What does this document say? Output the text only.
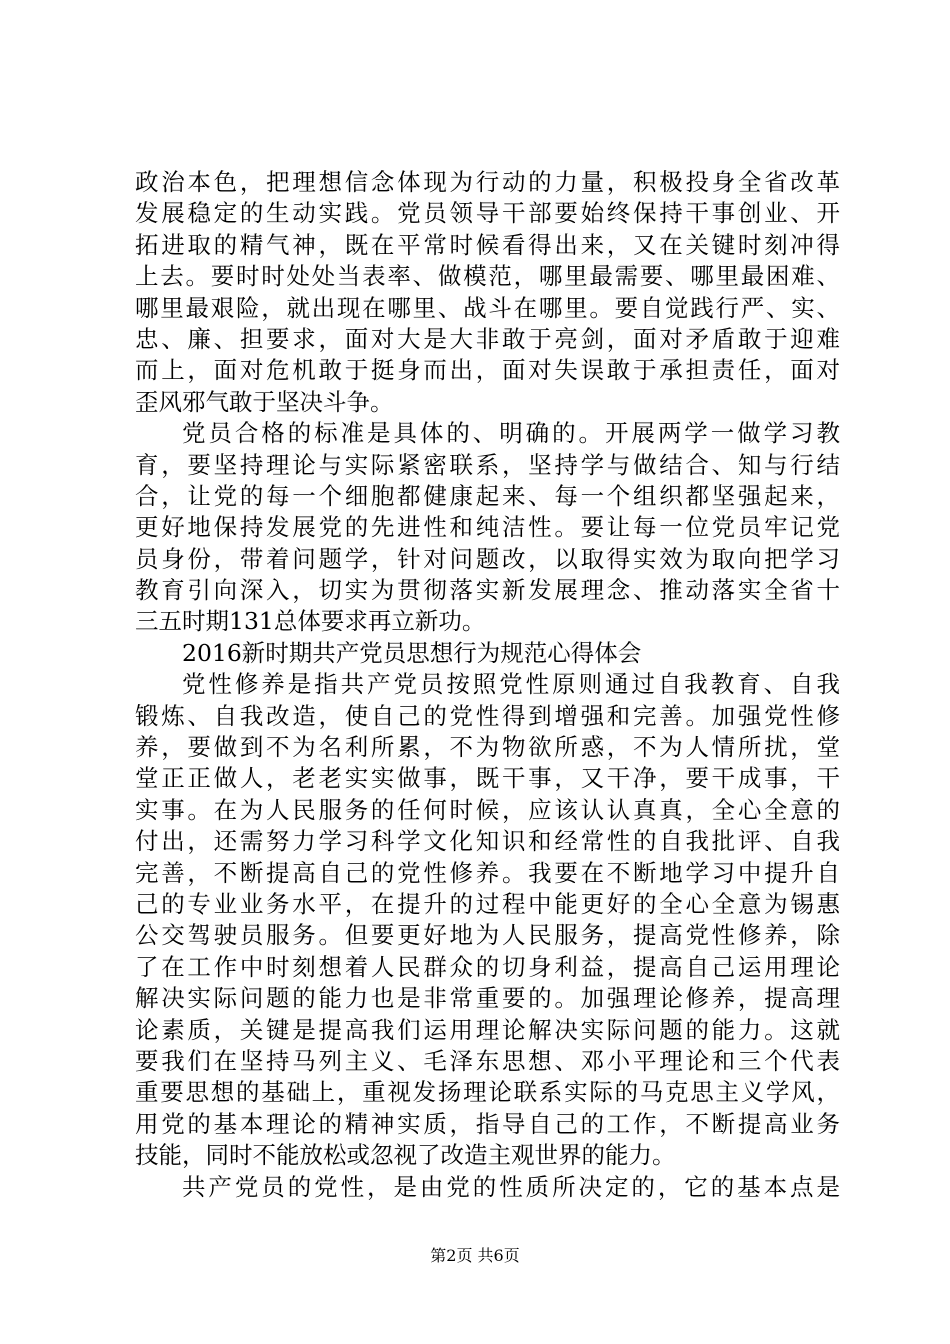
政治本色，把理想信念体现为行动的力量，积极投身全省改革
发展稳定的生动实践。党员领导干部要始终保持干事创业、开
拓进取的精气神，既在平常时候看得出来，又在关键时刻冲得
上去。要时时处处当表率、做模范，哪里最需要、哪里最困难、
哪里最艰险，就出现在哪里、战斗在哪里。要自觉践行严、实、
忠、廉、担要求，面对大是大非敢于亮剑，面对矛盾敢于迎难
而上，面对危机敢于挺身而出，面对失误敢于承担责任，面对
歪风邪气敢于坚决斗争。
党员合格的标准是具体的、明确的。开展两学一做学习教
育，要坚持理论与实际紧密联系，坚持学与做结合、知与行结
合，让党的每一个细胞都健康起来、每一个组织都坚强起来，
更好地保持发展党的先进性和纯洁性。要让每一位党员牢记党
员身份，带着问题学，针对问题改，以取得实效为取向把学习
教育引向深入，切实为贯彻落实新发展理念、推动落实全省十
三五时期131总体要求再立新功。
2016新时期共产党员思想行为规范心得体会
党性修养是指共产党员按照党性原则通过自我教育、自我
锻炼、自我改造，使自己的党性得到增强和完善。加强党性修
养，要做到不为名利所累，不为物欲所惑，不为人情所扰，堂
堂正正做人，老老实实做事，既干事，又干净，要干成事，干
实事。在为人民服务的任何时候，应该认认真真，全心全意的
付出，还需努力学习科学文化知识和经常性的自我批评、自我
完善，不断提高自己的党性修养。我要在不断地学习中提升自
己的专业业务水平，在提升的过程中能更好的全心全意为锡惠
公交驾驶员服务。但要更好地为人民服务，提高党性修养，除
了在工作中时刻想着人民群众的切身利益，提高自己运用理论
解决实际问题的能力也是非常重要的。加强理论修养，提高理
论素质，关键是提高我们运用理论解决实际问题的能力。这就
要我们在坚持马列主义、毛泽东思想、邓小平理论和三个代表
重要思想的基础上，重视发扬理论联系实际的马克思主义学风，
用党的基本理论的精神实质，指导自己的工作，不断提高业务
技能，同时不能放松或忽视了改造主观世界的能力。
共产党员的党性，是由党的性质所决定的，它的基本点是
第2页 共6页
